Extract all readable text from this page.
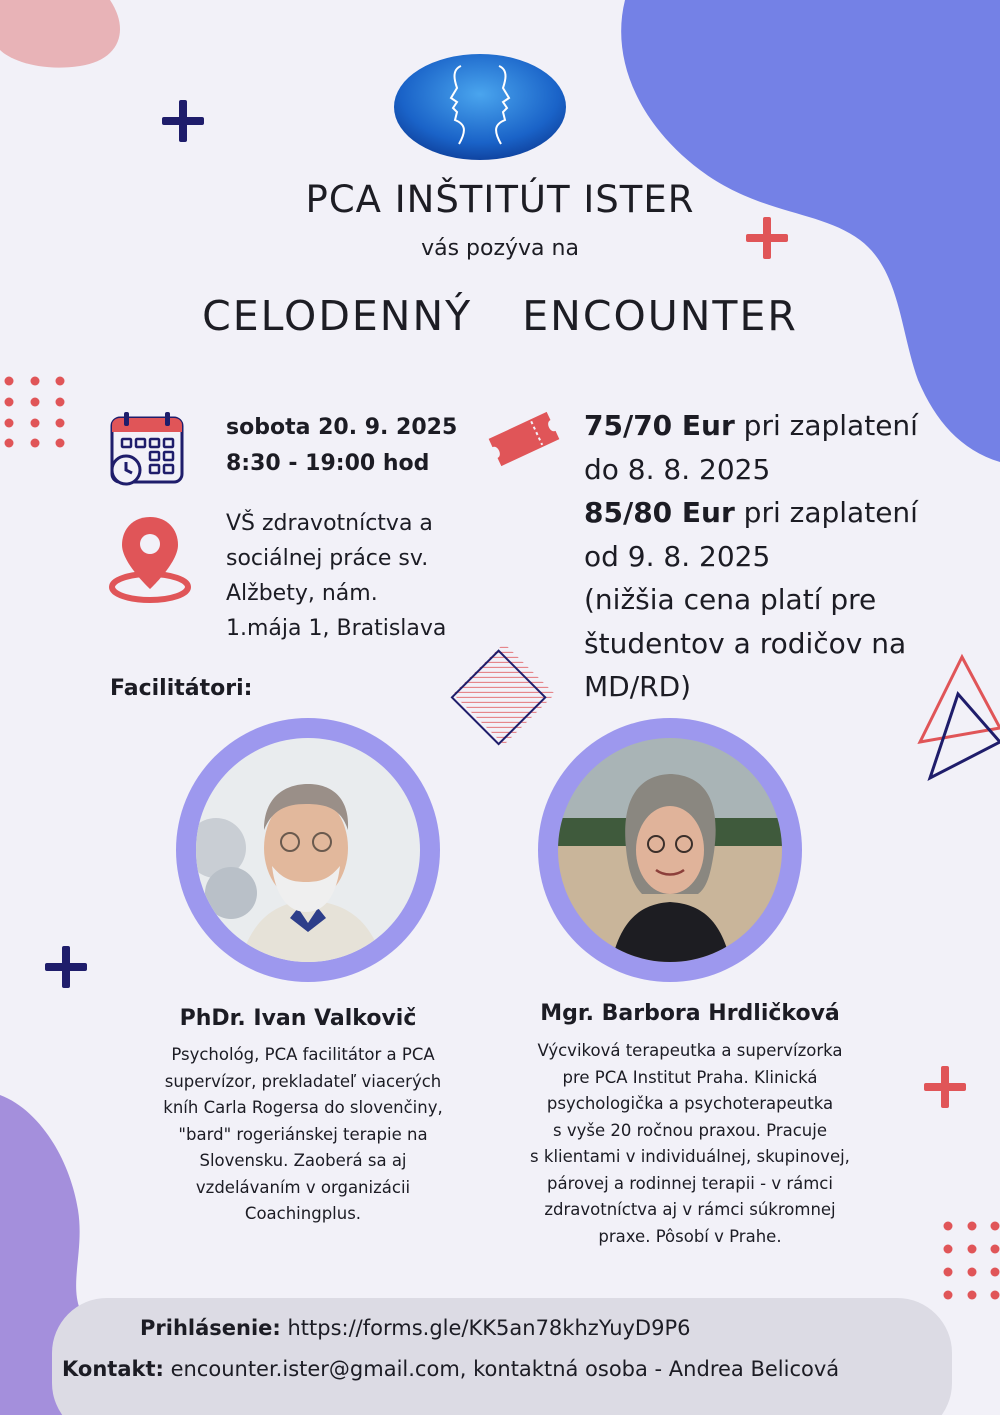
PCA INŠTITÚT ISTER
vás pozýva na
CELODENNÝ  ENCOUNTER
sobota 20. 9. 2025
8:30 - 19:00 hod
VŠ zdravotníctva a
sociálnej práce sv.
Alžbety, nám.
1.mája 1, Bratislava
75/70 Eur pri zaplatení
do 8. 8. 2025
85/80 Eur pri zaplatení
od 9. 8. 2025
(nižšia cena platí pre
študentov a rodičov na
MD/RD)
Facilitátori:
PhDr. Ivan Valkovič
Psychológ, PCA facilitátor a PCA
supervízor, prekladateľ viacerých
kníh Carla Rogersa do slovenčiny,
"bard" rogeriánskej terapie na
Slovensku. Zaoberá sa aj
vzdelávaním v organizácii
Coachingplus.
Mgr. Barbora Hrdličková
Výcviková terapeutka a supervízorka
pre PCA Institut Praha. Klinická
psychologička a psychoterapeutka
s vyše 20 ročnou praxou. Pracuje
s klientami v individuálnej, skupinovej,
párovej a rodinnej terapii - v rámci
zdravotníctva aj v rámci súkromnej
praxe. Pôsobí v Prahe.
Prihlásenie: https://forms.gle/KK5an78khzYuyD9P6
Kontakt: encounter.ister@gmail.com, kontaktná osoba - Andrea Belicová
